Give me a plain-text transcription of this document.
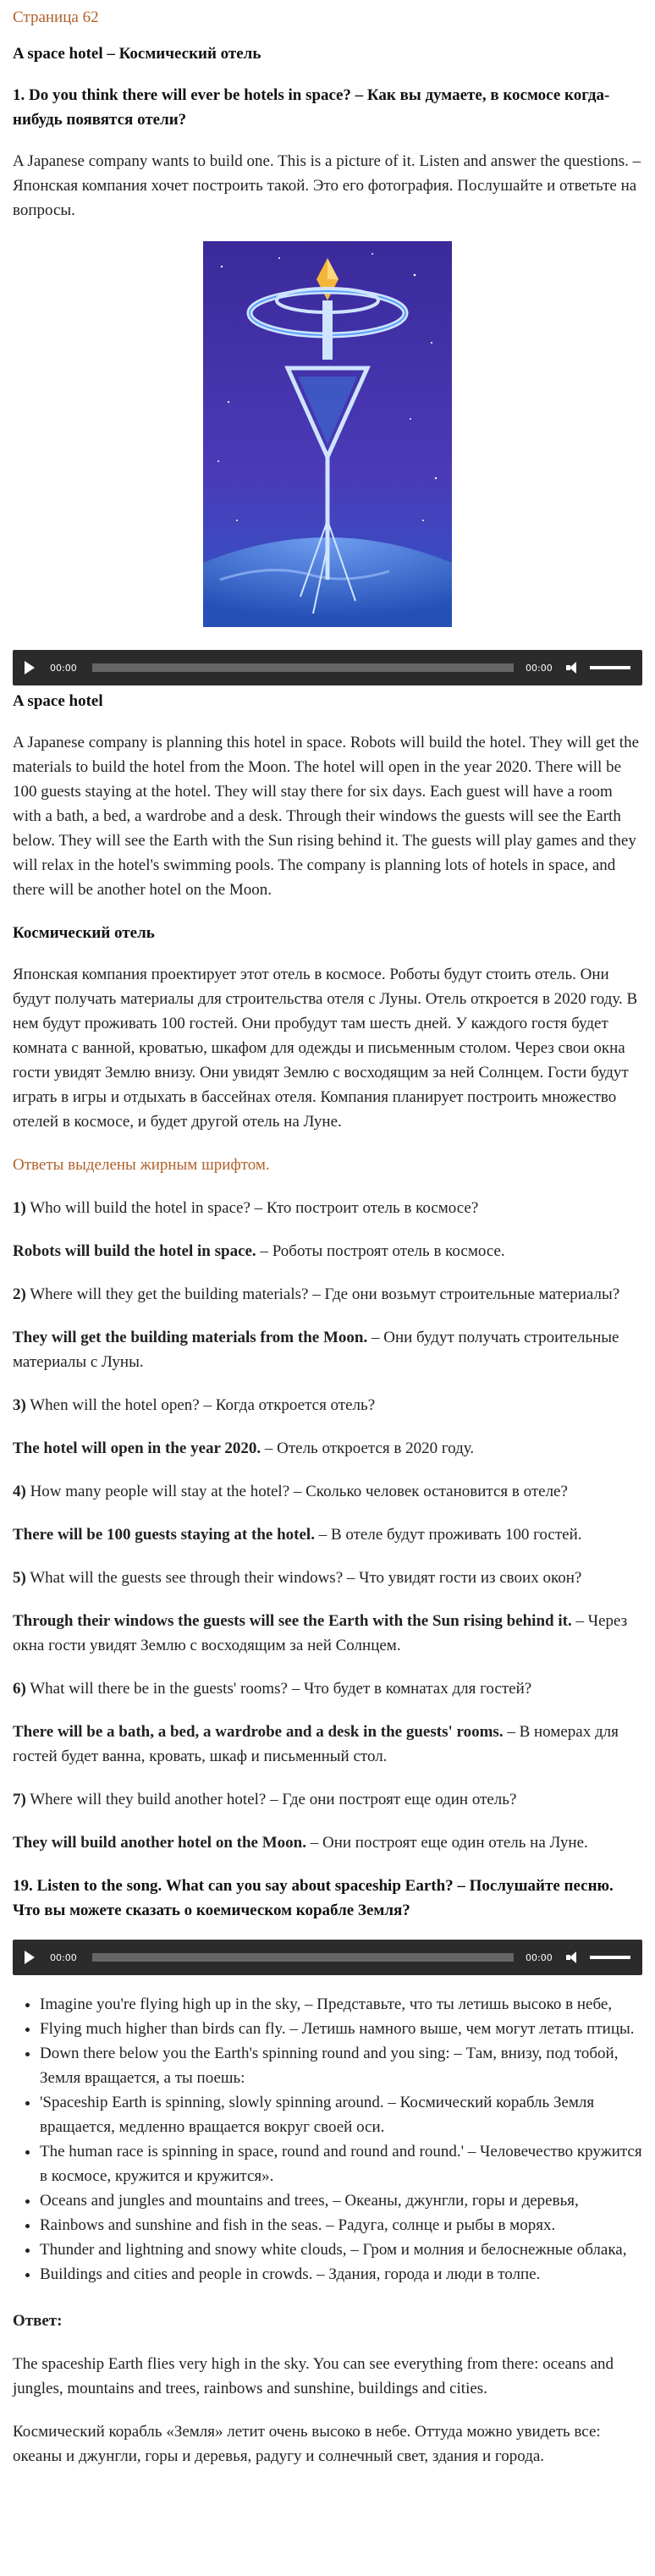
Страница 62
A space hotel – Космический отель
1. Do you think there will ever be hotels in space? – Как вы думаете, в космосе когда-нибудь появятся отели?

A Japanese company wants to build one. This is a picture of it. Listen and answer the questions. – Японская компания хочет построить такой. Это его фотография. Послушайте и ответьте на вопросы.

00:00	00:00
A space hotel

A Japanese company is planning this hotel in space. Robots will build the hotel. They will get the materials to build the hotel from the Moon. The hotel will open in the year 2020. There will be 100 guests staying at the hotel. They will stay there for six days. Each guest will have a room with a bath, a bed, a wardrobe and a desk. Through their windows the guests will see the Earth below. They will see the Earth with the Sun rising behind it. The guests will play games and they will relax in the hotel's swimming pools. The company is planning lots of hotels in space, and there will be another hotel on the Moon.

Космический отель

Японская компания проектирует этот отель в космосе. Роботы будут стоить отель. Они будут получать материалы для строительства отеля с Луны. Отель откроется в 2020 году. В нем будут проживать 100 гостей. Они пробудут там шесть дней. У каждого гостя будет комната с ванной, кроватью, шкафом для одежды и письменным столом. Через свои окна гости увидят Землю внизу. Они увидят Землю с восходящим за ней Солнцем. Гости будут играть в игры и отдыхать в бассейнах отеля. Компания планирует построить множество отелей в космосе, и будет другой отель на Луне.

Ответы выделены жирным шрифтом.

1) Who will build the hotel in space? – Кто построит отель в космосе?

Robots will build the hotel in space. – Роботы построят отель в космосе.

2) Where will they get the building materials? – Где они возьмут строительные материалы?

They will get the building materials from the Moon. – Они будут получать строительные материалы с Луны.

3) When will the hotel open? – Когда откроется отель?

The hotel will open in the year 2020. – Отель откроется в 2020 году.

4) How many people will stay at the hotel? – Сколько человек остановится в отеле?

There will be 100 guests staying at the hotel. – В отеле будут проживать 100 гостей.

5) What will the guests see through their windows? – Что увидят гости из своих окон?

Through their windows the guests will see the Earth with the Sun rising behind it. – Через окна гости увидят Землю с восходящим за ней Солнцем.

6) What will there be in the guests' rooms? – Что будет в комнатах для гостей?

There will be a bath, a bed, a wardrobe and a desk in the guests' rooms. – В номерах для гостей будет ванна, кровать, шкаф и письменный стол.

7) Where will they build another hotel? – Где они построят еще один отель?

They will build another hotel on the Moon. – Они построят еще один отель на Луне.

19. Listen to the song. What can you say about spaceship Earth? – Послушайте песню. Что вы можете сказать о коемическом корабле Земля?
00:00	00:00
• Imagine you're flying high up in the sky, – Представьте, что ты летишь высоко в небе,
• Flying much higher than birds can fly. – Летишь намного выше, чем могут летать птицы.
• Down there below you the Earth's spinning round and you sing: – Там, внизу, под тобой, Земля вращается, а ты поешь:
• 'Spaceship Earth is spinning, slowly spinning around. – Космический корабль Земля вращается, медленно вращается вокруг своей оси.
• The human race is spinning in space, round and round and round.' – Человечество кружится в космосе, кружится и кружится».
• Oceans and jungles and mountains and trees, – Океаны, джунгли, горы и деревья,
• Rainbows and sunshine and fish in the seas. – Радуга, солнце и рыбы в морях.
• Thunder and lightning and snowy white clouds, – Гром и молния и белоснежные облака,
• Buildings and cities and people in crowds. – Здания, города и люди в толпе.

Ответ:

The spaceship Earth flies very high in the sky. You can see everything from there: oceans and jungles, mountains and trees, rainbows and sunshine, buildings and cities.

Космический корабль «Земля» летит очень высоко в небе. Оттуда можно увидеть все: океаны и джунгли, горы и деревья, радугу и солнечный свет, здания и города.
